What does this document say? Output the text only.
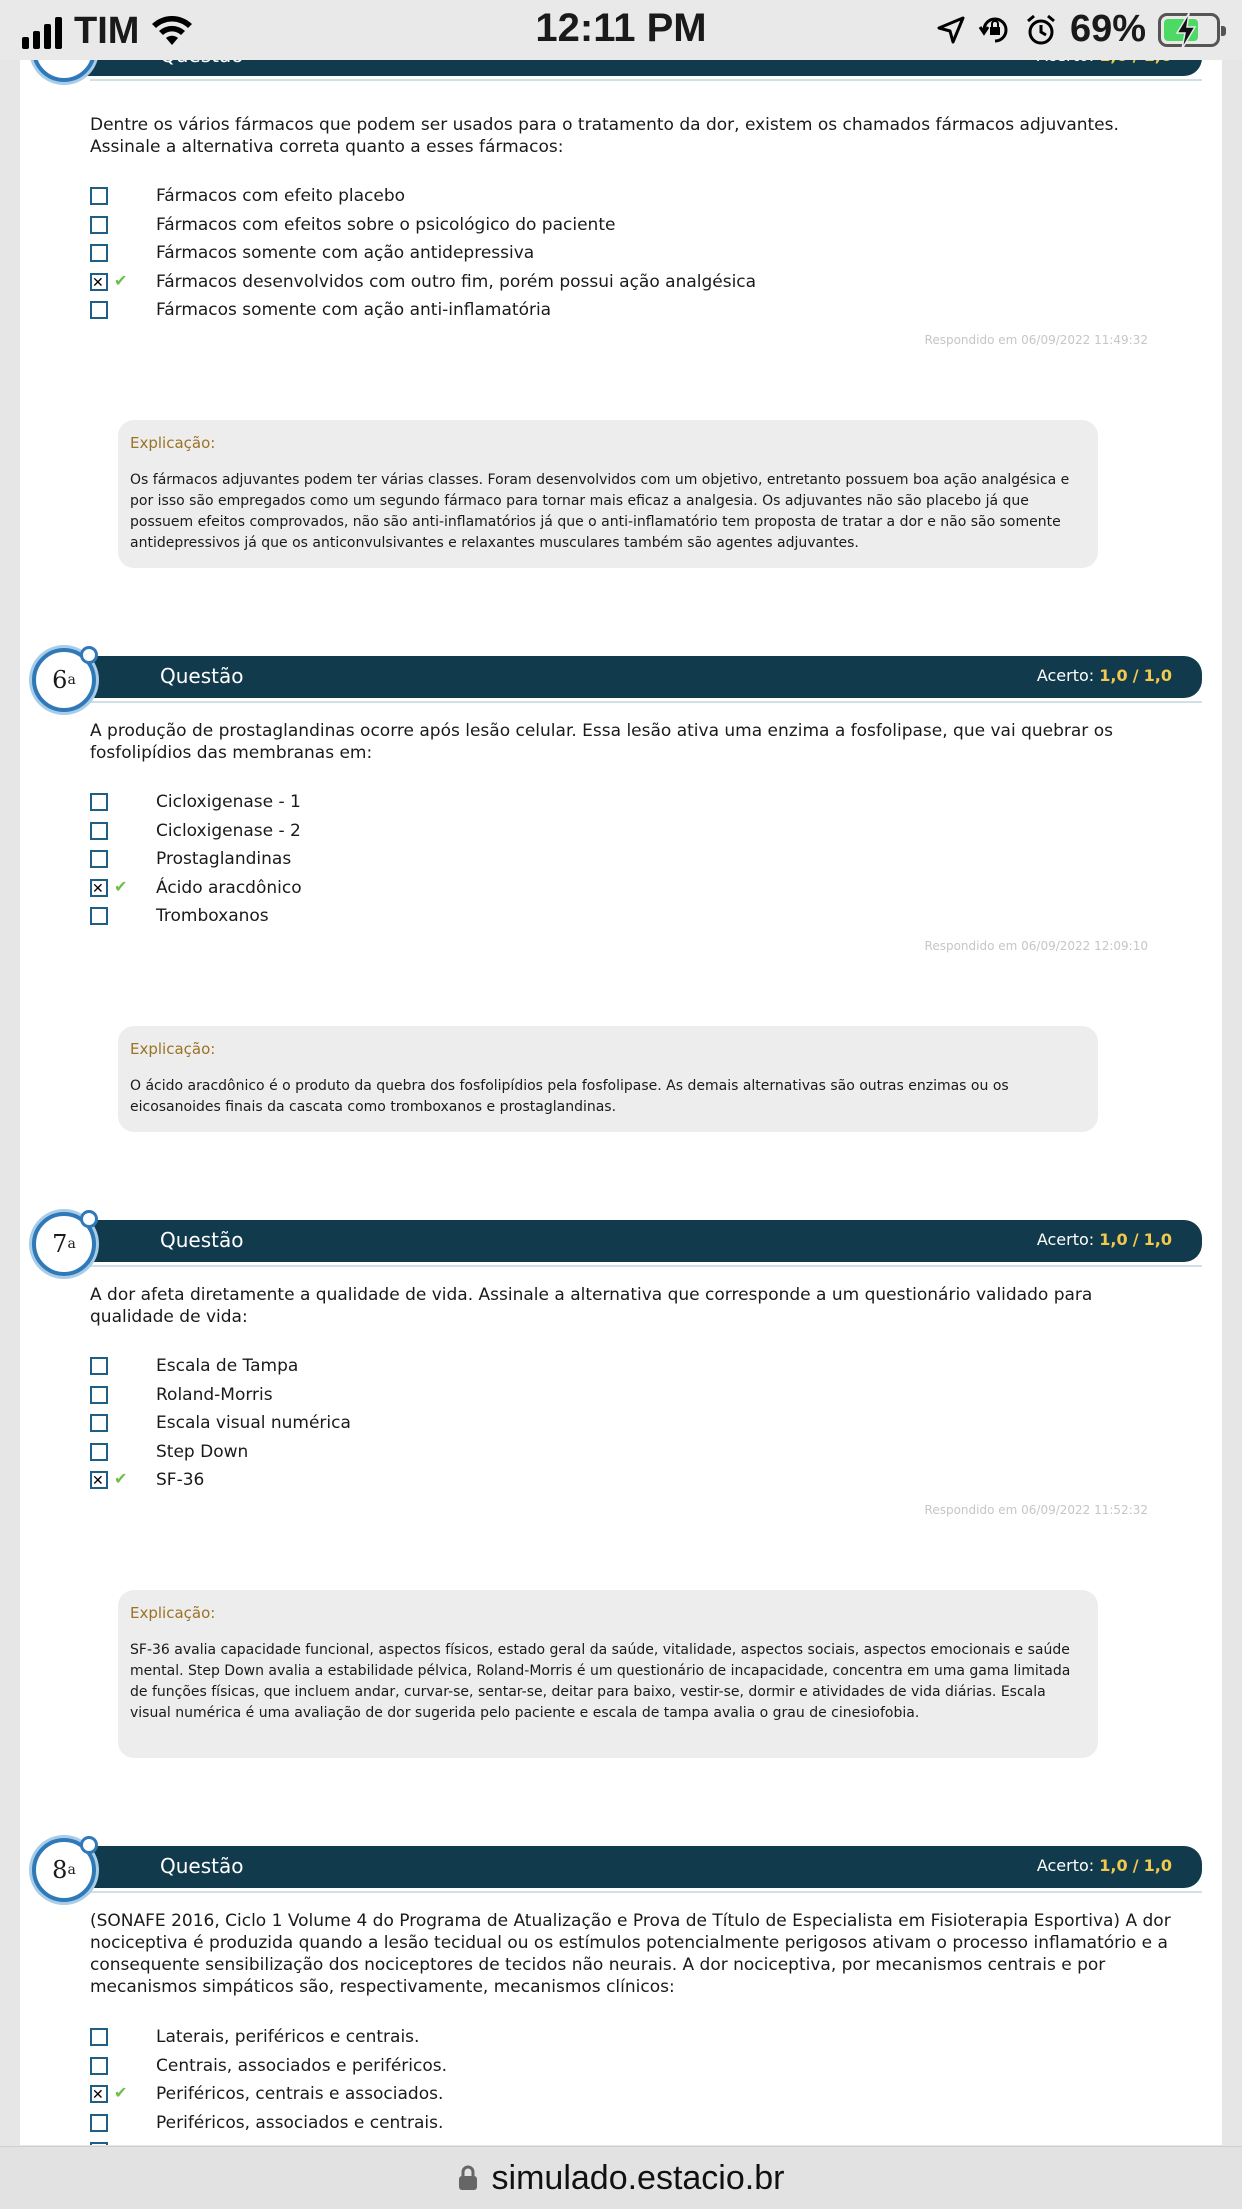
TIM	12:11 PM	69%
Dentre os vários fármacos que podem ser usados para o tratamento da dor, existem os chamados fármacos adjuvantes. Assinale a alternativa correta quanto a esses fármacos:
Fármacos com efeito placebo
Fármacos com efeitos sobre o psicológico do paciente
Fármacos somente com ação antidepressiva
✕
✔ Fármacos desenvolvidos com outro fim, porém possui ação analgésica
Fármacos somente com ação anti-inflamatória
Respondido em 06/09/2022 11:49:32
Explicação:
Os fármacos adjuvantes podem ter várias classes. Foram desenvolvidos com um objetivo, entretanto possuem boa ação analgésica e por isso são empregados como um segundo fármaco para tornar mais eficaz a analgesia. Os adjuvantes não são placebo já que possuem efeitos comprovados, não são anti-inflamatórios já que o anti-inflamatório tem proposta de tratar a dor e não são somente antidepressivos já que os anticonvulsivantes e relaxantes musculares também são agentes adjuvantes.
Questão	Acerto: 1,0 / 1,0
6 a
A produção de prostaglandinas ocorre após lesão celular. Essa lesão ativa uma enzima a fosfolipase, que vai quebrar os fosfolipídios das membranas em:
Cicloxigenase - 1
Cicloxigenase - 2
Prostaglandinas
✕
✔ Ácido aracdônico
Tromboxanos
Respondido em 06/09/2022 12:09:10
Explicação:
O ácido aracdônico é o produto da quebra dos fosfolipídios pela fosfolipase. As demais alternativas são outras enzimas ou os eicosanoides finais da cascata como tromboxanos e prostaglandinas.
Questão	Acerto: 1,0 / 1,0
7 a
A dor afeta diretamente a qualidade de vida. Assinale a alternativa que corresponde a um questionário validado para qualidade de vida:
Escala de Tampa
Roland-Morris
Escala visual numérica
Step Down
✕
✔ SF-36
Respondido em 06/09/2022 11:52:32
Explicação:
SF-36 avalia capacidade funcional, aspectos físicos, estado geral da saúde, vitalidade, aspectos sociais, aspectos emocionais e saúde mental. Step Down avalia a estabilidade pélvica, Roland-Morris é um questionário de incapacidade, concentra em uma gama limitada de funções físicas, que incluem andar, curvar-se, sentar-se, deitar para baixo, vestir-se, dormir e atividades de vida diárias. Escala visual numérica é uma avaliação de dor sugerida pelo paciente e escala de tampa avalia o grau de cinesiofobia.
Questão	Acerto: 1,0 / 1,0
8 a
(SONAFE 2016, Ciclo 1 Volume 4 do Programa de Atualização e Prova de Título de Especialista em Fisioterapia Esportiva) A dor nociceptiva é produzida quando a lesão tecidual ou os estímulos potencialmente perigosos ativam o processo inflamatório e a consequente sensibilização dos nociceptores de tecidos não neurais. A dor nociceptiva, por mecanismos centrais e por mecanismos simpáticos são, respectivamente, mecanismos clínicos:
Laterais, periféricos e centrais.
Centrais, associados e periféricos.
✕
✔ Periféricos, centrais e associados.
Periféricos, associados e centrais.
simulado.estacio.br
